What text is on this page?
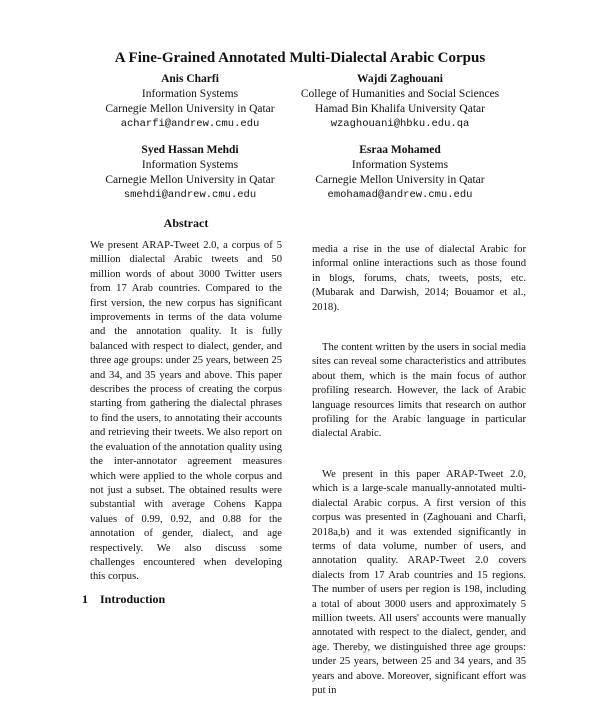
A Fine-Grained Annotated Multi-Dialectal Arabic Corpus
Anis Charfi
Information Systems
Carnegie Mellon University in Qatar
acharfi@andrew.cmu.edu
Wajdi Zaghouani
College of Humanities and Social Sciences
Hamad Bin Khalifa University Qatar
wzaghouani@hbku.edu.qa
Syed Hassan Mehdi
Information Systems
Carnegie Mellon University in Qatar
smehdi@andrew.cmu.edu
Esraa Mohamed
Information Systems
Carnegie Mellon University in Qatar
emohamad@andrew.cmu.edu
Abstract

We present ARAP-Tweet 2.0, a corpus of 5 million dialectal Arabic tweets and 50 million words of about 3000 Twitter users from 17 Arab countries. Compared to the first version, the new corpus has significant improvements in terms of the data volume and the annotation quality. It is fully balanced with respect to dialect, gender, and three age groups: under 25 years, between 25 and 34, and 35 years and above. This paper describes the process of creating the corpus starting from gathering the dialectal phrases to find the users, to annotating their accounts and retrieving their tweets. We also report on the evaluation of the annotation quality using the inter-annotator agreement measures which were applied to the whole corpus and not just a subset. The obtained results were substantial with average Cohens Kappa values of 0.99, 0.92, and 0.88 for the annotation of gender, dialect, and age respectively. We also discuss some challenges encountered when developing this corpus.

media a rise in the use of dialectal Arabic for informal online interactions such as those found in blogs, forums, chats, tweets, posts, etc. (Mubarak and Darwish, 2014; Bouamor et al., 2018).

The content written by the users in social media sites can reveal some characteristics and attributes about them, which is the main focus of author profiling research. However, the lack of Arabic language resources limits that research on author profiling for the Arabic language in particular dialectal Arabic.

We present in this paper ARAP-Tweet 2.0, which is a large-scale manually-annotated multi-dialectal Arabic corpus. A first version of this corpus was presented in (Zaghouani and Charfi, 2018a,b) and it was extended significantly in terms of data volume, number of users, and annotation quality. ARAP-Tweet 2.0 covers dialects from 17 Arab countries and 15 regions. The number of users per region is 198, including a total of about 3000 users and approximately 5 million tweets. All users' accounts were manually annotated with respect to the dialect, gender, and age. Thereby, we distinguished three age groups: under 25 years, between 25 and 34 years, and 35 years and above. Moreover, significant effort was put in

1 Introduction
